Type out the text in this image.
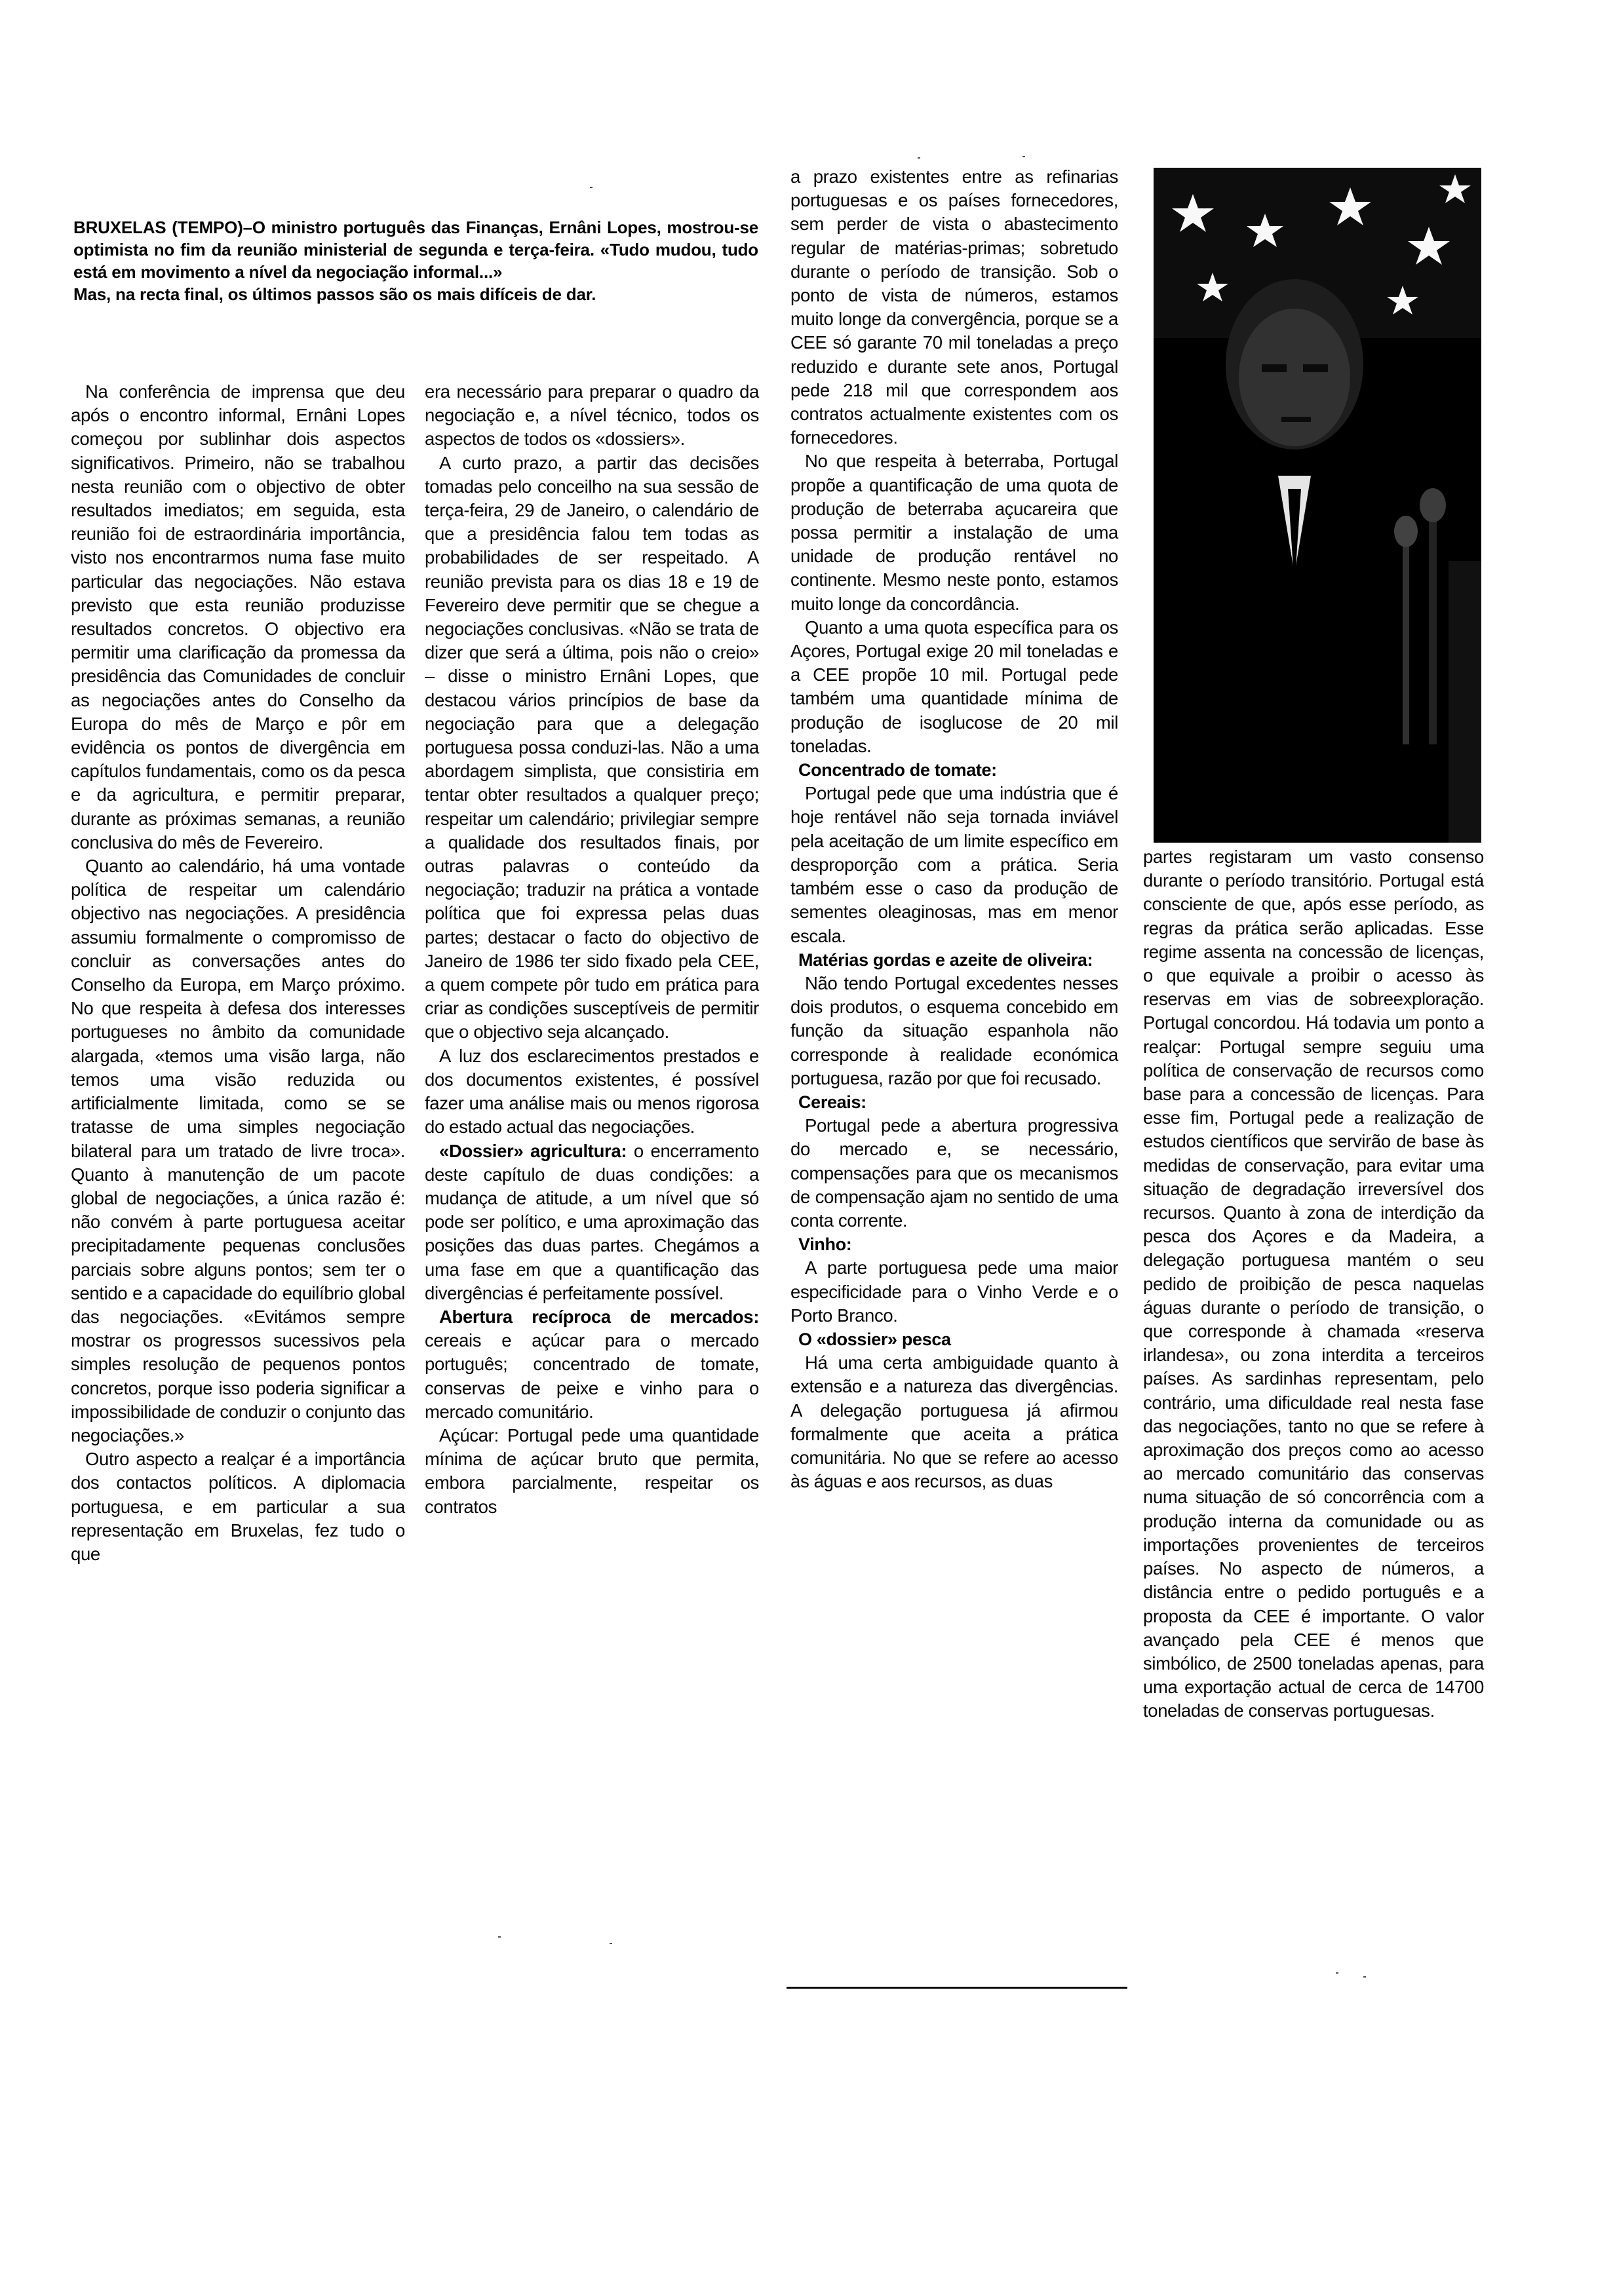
BRUXELAS (TEMPO)–O ministro português das Finanças, Ernâni Lopes, mostrou-se optimista no fim da reunião ministerial de segunda e terça-feira. «Tudo mudou, tudo está em movimento a nível da negociação informal...»

Mas, na recta final, os últimos passos são os mais difíceis de dar.

Na conferência de imprensa que deu após o encontro informal, Ernâni Lopes começou por sublinhar dois aspectos significativos. Primeiro, não se trabalhou nesta reunião com o objectivo de obter resultados imediatos; em seguida, esta reunião foi de estraordinária importância, visto nos encontrarmos numa fase muito particular das negociações. Não estava previsto que esta reunião produzisse resultados concretos. O objectivo era permitir uma clarificação da promessa da presidência das Comunidades de concluir as negociações antes do Conselho da Europa do mês de Março e pôr em evidência os pontos de divergência em capítulos fundamentais, como os da pesca e da agricultura, e permitir preparar, durante as próximas semanas, a reunião conclusiva do mês de Fevereiro.

Quanto ao calendário, há uma vontade política de respeitar um calendário objectivo nas negociações. A presidência assumiu formalmente o compromisso de concluir as conversações antes do Conselho da Europa, em Março próximo. No que respeita à defesa dos interesses portugueses no âmbito da comunidade alargada, «temos uma visão larga, não temos uma visão reduzida ou artificialmente limitada, como se se tratasse de uma simples negociação bilateral para um tratado de livre troca». Quanto à manutenção de um pacote global de negociações, a única razão é: não convém à parte portuguesa aceitar precipitadamente pequenas conclusões parciais sobre alguns pontos; sem ter o sentido e a capacidade do equilíbrio global das negociações. «Evitámos sempre mostrar os progressos sucessivos pela simples resolução de pequenos pontos concretos, porque isso poderia significar a impossibilidade de conduzir o conjunto das negociações.»

Outro aspecto a realçar é a importância dos contactos políticos. A diplomacia portuguesa, e em particular a sua representação em Bruxelas, fez tudo o que

era necessário para preparar o quadro da negociação e, a nível técnico, todos os aspectos de todos os «dossiers».

A curto prazo, a partir das decisões tomadas pelo conceilho na sua sessão de terça-feira, 29 de Janeiro, o calendário de que a presidência falou tem todas as probabilidades de ser respeitado. A reunião prevista para os dias 18 e 19 de Fevereiro deve permitir que se chegue a negociações conclusivas. «Não se trata de dizer que será a última, pois não o creio» – disse o ministro Ernâni Lopes, que destacou vários princípios de base da negociação para que a delegação portuguesa possa conduzi-las. Não a uma abordagem simplista, que consistiria em tentar obter resultados a qualquer preço; respeitar um calendário; privilegiar sempre a qualidade dos resultados finais, por outras palavras o conteúdo da negociação; traduzir na prática a vontade política que foi expressa pelas duas partes; destacar o facto do objectivo de Janeiro de 1986 ter sido fixado pela CEE, a quem compete pôr tudo em prática para criar as condições susceptíveis de permitir que o objectivo seja alcançado.

A luz dos esclarecimentos prestados e dos documentos existentes, é possível fazer uma análise mais ou menos rigorosa do estado actual das negociações.

«Dossier» agricultura: o encerramento deste capítulo de duas condições: a mudança de atitude, a um nível que só pode ser político, e uma aproximação das posições das duas partes. Chegámos a uma fase em que a quantificação das divergências é perfeitamente possível.

Abertura recíproca de mercados: cereais e açúcar para o mercado português; concentrado de tomate, conservas de peixe e vinho para o mercado comunitário.

Açúcar: Portugal pede uma quantidade mínima de açúcar bruto que permita, embora parcialmente, respeitar os contratos

a prazo existentes entre as refinarias portuguesas e os países fornecedores, sem perder de vista o abastecimento regular de matérias-primas; sobretudo durante o período de transição. Sob o ponto de vista de números, estamos muito longe da convergência, porque se a CEE só garante 70 mil toneladas a preço reduzido e durante sete anos, Portugal pede 218 mil que correspondem aos contratos actualmente existentes com os fornecedores.

No que respeita à beterraba, Portugal propõe a quantificação de uma quota de produção de beterraba açucareira que possa permitir a instalação de uma unidade de produção rentável no continente. Mesmo neste ponto, estamos muito longe da concordância.

Quanto a uma quota específica para os Açores, Portugal exige 20 mil toneladas e a CEE propõe 10 mil. Portugal pede também uma quantidade mínima de produção de isoglucose de 20 mil toneladas.

Concentrado de tomate:

Portugal pede que uma indústria que é hoje rentável não seja tornada inviável pela aceitação de um limite específico em desproporção com a prática. Seria também esse o caso da produção de sementes oleaginosas, mas em menor escala.

Matérias gordas e azeite de oliveira:

Não tendo Portugal excedentes nesses dois produtos, o esquema concebido em função da situação espanhola não corresponde à realidade económica portuguesa, razão por que foi recusado.

Cereais:

Portugal pede a abertura progressiva do mercado e, se necessário, compensações para que os mecanismos de compensação ajam no sentido de uma conta corrente.

Vinho:

A parte portuguesa pede uma maior especificidade para o Vinho Verde e o Porto Branco.

O «dossier» pesca

Há uma certa ambiguidade quanto à extensão e a natureza das divergências. A delegação portuguesa já afirmou formalmente que aceita a prática comunitária. No que se refere ao acesso às águas e aos recursos, as duas

partes registaram um vasto consenso durante o período transitório. Portugal está consciente de que, após esse período, as regras da prática serão aplicadas. Esse regime assenta na concessão de licenças, o que equivale a proibir o acesso às reservas em vias de sobreexploração. Portugal concordou. Há todavia um ponto a realçar: Portugal sempre seguiu uma política de conservação de recursos como base para a concessão de licenças. Para esse fim, Portugal pede a realização de estudos científicos que servirão de base às medidas de conservação, para evitar uma situação de degradação irreversível dos recursos. Quanto à zona de interdição da pesca dos Açores e da Madeira, a delegação portuguesa mantém o seu pedido de proibição de pesca naquelas águas durante o período de transição, o que corresponde à chamada «reserva irlandesa», ou zona interdita a terceiros países. As sardinhas representam, pelo contrário, uma dificuldade real nesta fase das negociações, tanto no que se refere à aproximação dos preços como ao acesso ao mercado comunitário das conservas numa situação de só concorrência com a produção interna da comunidade ou as importações provenientes de terceiros países. No aspecto de números, a distância entre o pedido português e a proposta da CEE é importante. O valor avançado pela CEE é menos que simbólico, de 2500 toneladas apenas, para uma exportação actual de cerca de 14700 toneladas de conservas portuguesas.
